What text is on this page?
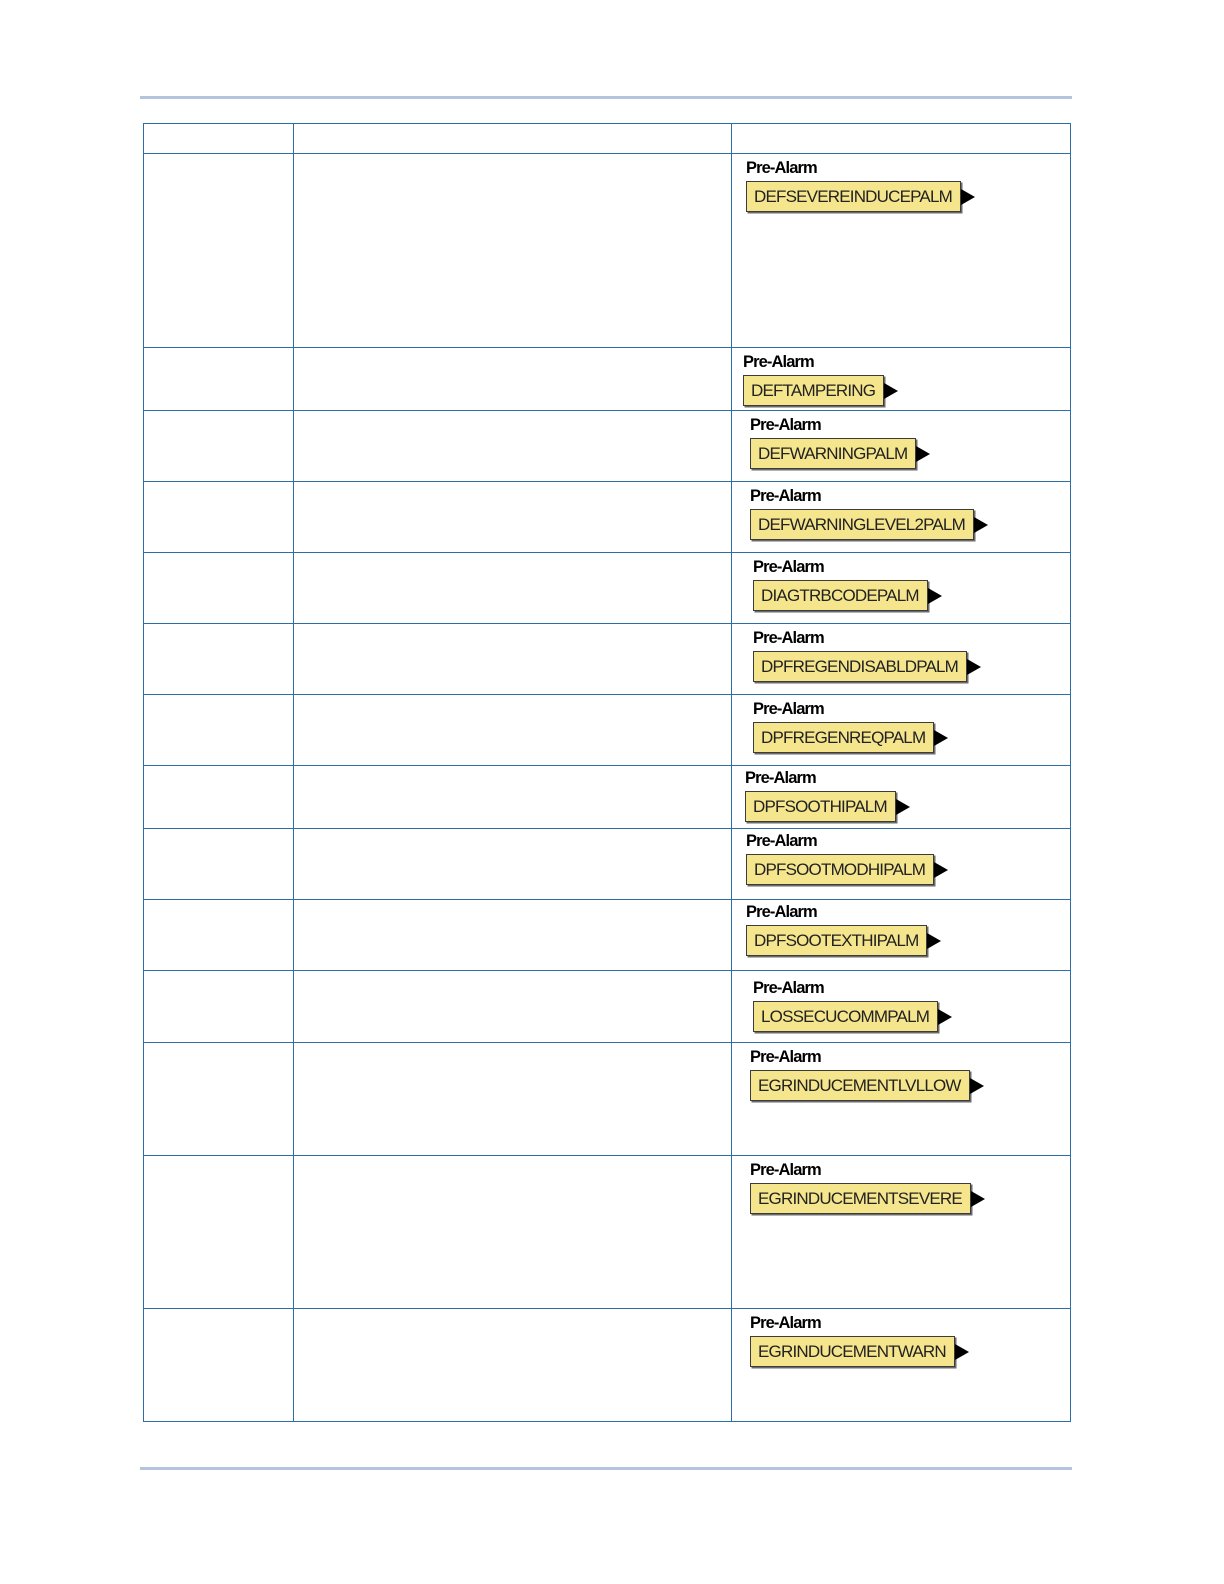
		Pre-Alarm
DEFSEVEREINDUCEPALM

		Pre-Alarm
DEFTAMPERING

		Pre-Alarm
DEFWARNINGPALM

		Pre-Alarm
DEFWARNINGLEVEL2PALM

		Pre-Alarm
DIAGTRBCODEPALM

		Pre-Alarm
DPFREGENDISABLDPALM

		Pre-Alarm
DPFREGENREQPALM

		Pre-Alarm
DPFSOOTHIPALM

		Pre-Alarm
DPFSOOTMODHIPALM

		Pre-Alarm
DPFSOOTEXTHIPALM

		Pre-Alarm
LOSSECUCOMMPALM

		Pre-Alarm
EGRINDUCEMENTLVLLOW

		Pre-Alarm
EGRINDUCEMENTSEVERE

		Pre-Alarm
EGRINDUCEMENTWARN
